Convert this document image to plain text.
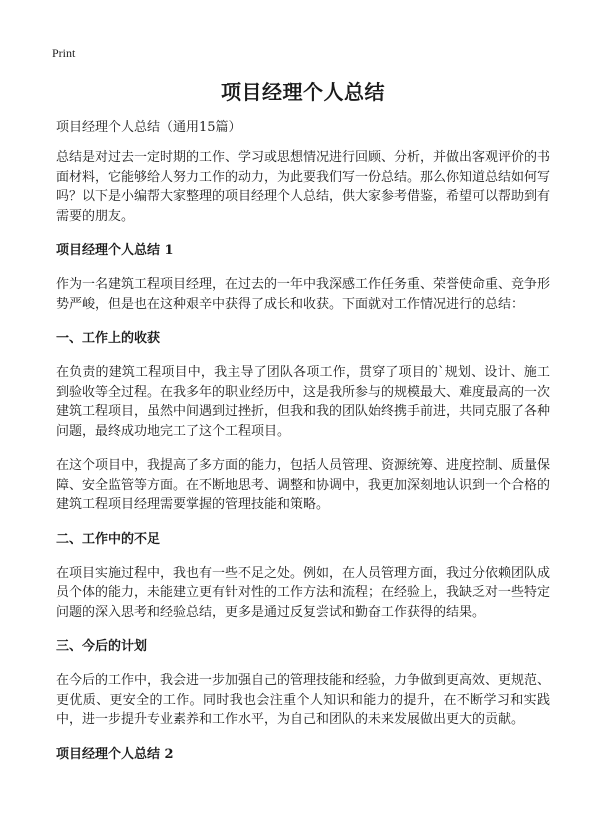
Print
项目经理个人总结
项目经理个人总结（通用15篇）

总结是对过去一定时期的工作、学习或思想情况进行回顾、分析，并做出客观评价的书面材料，它能够给人努力工作的动力，为此要我们写一份总结。那么你知道总结如何写吗？以下是小编帮大家整理的项目经理个人总结，供大家参考借鉴，希望可以帮助到有需要的朋友。

项目经理个人总结 1

作为一名建筑工程项目经理，在过去的一年中我深感工作任务重、荣誉使命重、竞争形势严峻，但是也在这种艰辛中获得了成长和收获。下面就对工作情况进行的总结：

一、工作上的收获

在负责的建筑工程项目中，我主导了团队各项工作，贯穿了项目的`规划、设计、施工到验收等全过程。在我多年的职业经历中，这是我所参与的规模最大、难度最高的一次建筑工程项目，虽然中间遇到过挫折，但我和我的团队始终携手前进，共同克服了各种问题，最终成功地完工了这个工程项目。

在这个项目中，我提高了多方面的能力，包括人员管理、资源统筹、进度控制、质量保障、安全监管等方面。在不断地思考、调整和协调中，我更加深刻地认识到一个合格的建筑工程项目经理需要掌握的管理技能和策略。

二、工作中的不足

在项目实施过程中，我也有一些不足之处。例如，在人员管理方面，我过分依赖团队成员个体的能力，未能建立更有针对性的工作方法和流程；在经验上，我缺乏对一些特定问题的深入思考和经验总结，更多是通过反复尝试和勤奋工作获得的结果。

三、今后的计划

在今后的工作中，我会进一步加强自己的管理技能和经验，力争做到更高效、更规范、更优质、更安全的工作。同时我也会注重个人知识和能力的提升，在不断学习和实践中，进一步提升专业素养和工作水平，为自己和团队的未来发展做出更大的贡献。

项目经理个人总结 2
